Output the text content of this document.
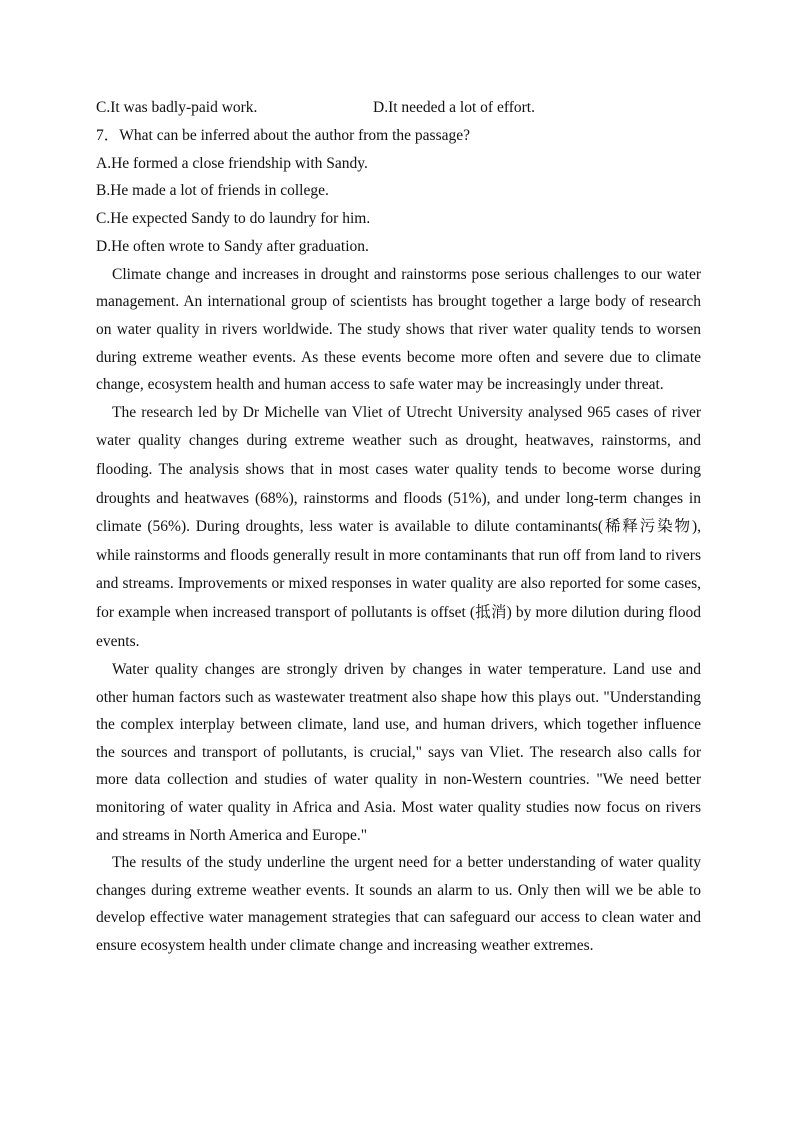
C.It was badly-paid work.	D.It needed a lot of effort.
7．What can be inferred about the author from the passage?
A.He formed a close friendship with Sandy.
B.He made a lot of friends in college.
C.He expected Sandy to do laundry for him.
D.He often wrote to Sandy after graduation.

Climate change and increases in drought and rainstorms pose serious challenges to our water management. An international group of scientists has brought together a large body of research on water quality in rivers worldwide. The study shows that river water quality tends to worsen during extreme weather events. As these events become more often and severe due to climate change, ecosystem health and human access to safe water may be increasingly under threat.

The research led by Dr Michelle van Vliet of Utrecht University analysed 965 cases of river water quality changes during extreme weather such as drought, heatwaves, rainstorms, and flooding. The analysis shows that in most cases water quality tends to become worse during droughts and heatwaves (68%), rainstorms and floods (51%), and under long-term changes in climate (56%). During droughts, less water is available to dilute contaminants(稀释污染物), while rainstorms and floods generally result in more contaminants that run off from land to rivers and streams. Improvements or mixed responses in water quality are also reported for some cases, for example when increased transport of pollutants is offset (抵消) by more dilution during flood events.

Water quality changes are strongly driven by changes in water temperature. Land use and other human factors such as wastewater treatment also shape how this plays out. "Understanding the complex interplay between climate, land use, and human drivers, which together influence the sources and transport of pollutants, is crucial," says van Vliet. The research also calls for more data collection and studies of water quality in non-Western countries. "We need better monitoring of water quality in Africa and Asia. Most water quality studies now focus on rivers and streams in North America and Europe."

The results of the study underline the urgent need for a better understanding of water quality changes during extreme weather events. It sounds an alarm to us. Only then will we be able to develop effective water management strategies that can safeguard our access to clean water and ensure ecosystem health under climate change and increasing weather extremes.
